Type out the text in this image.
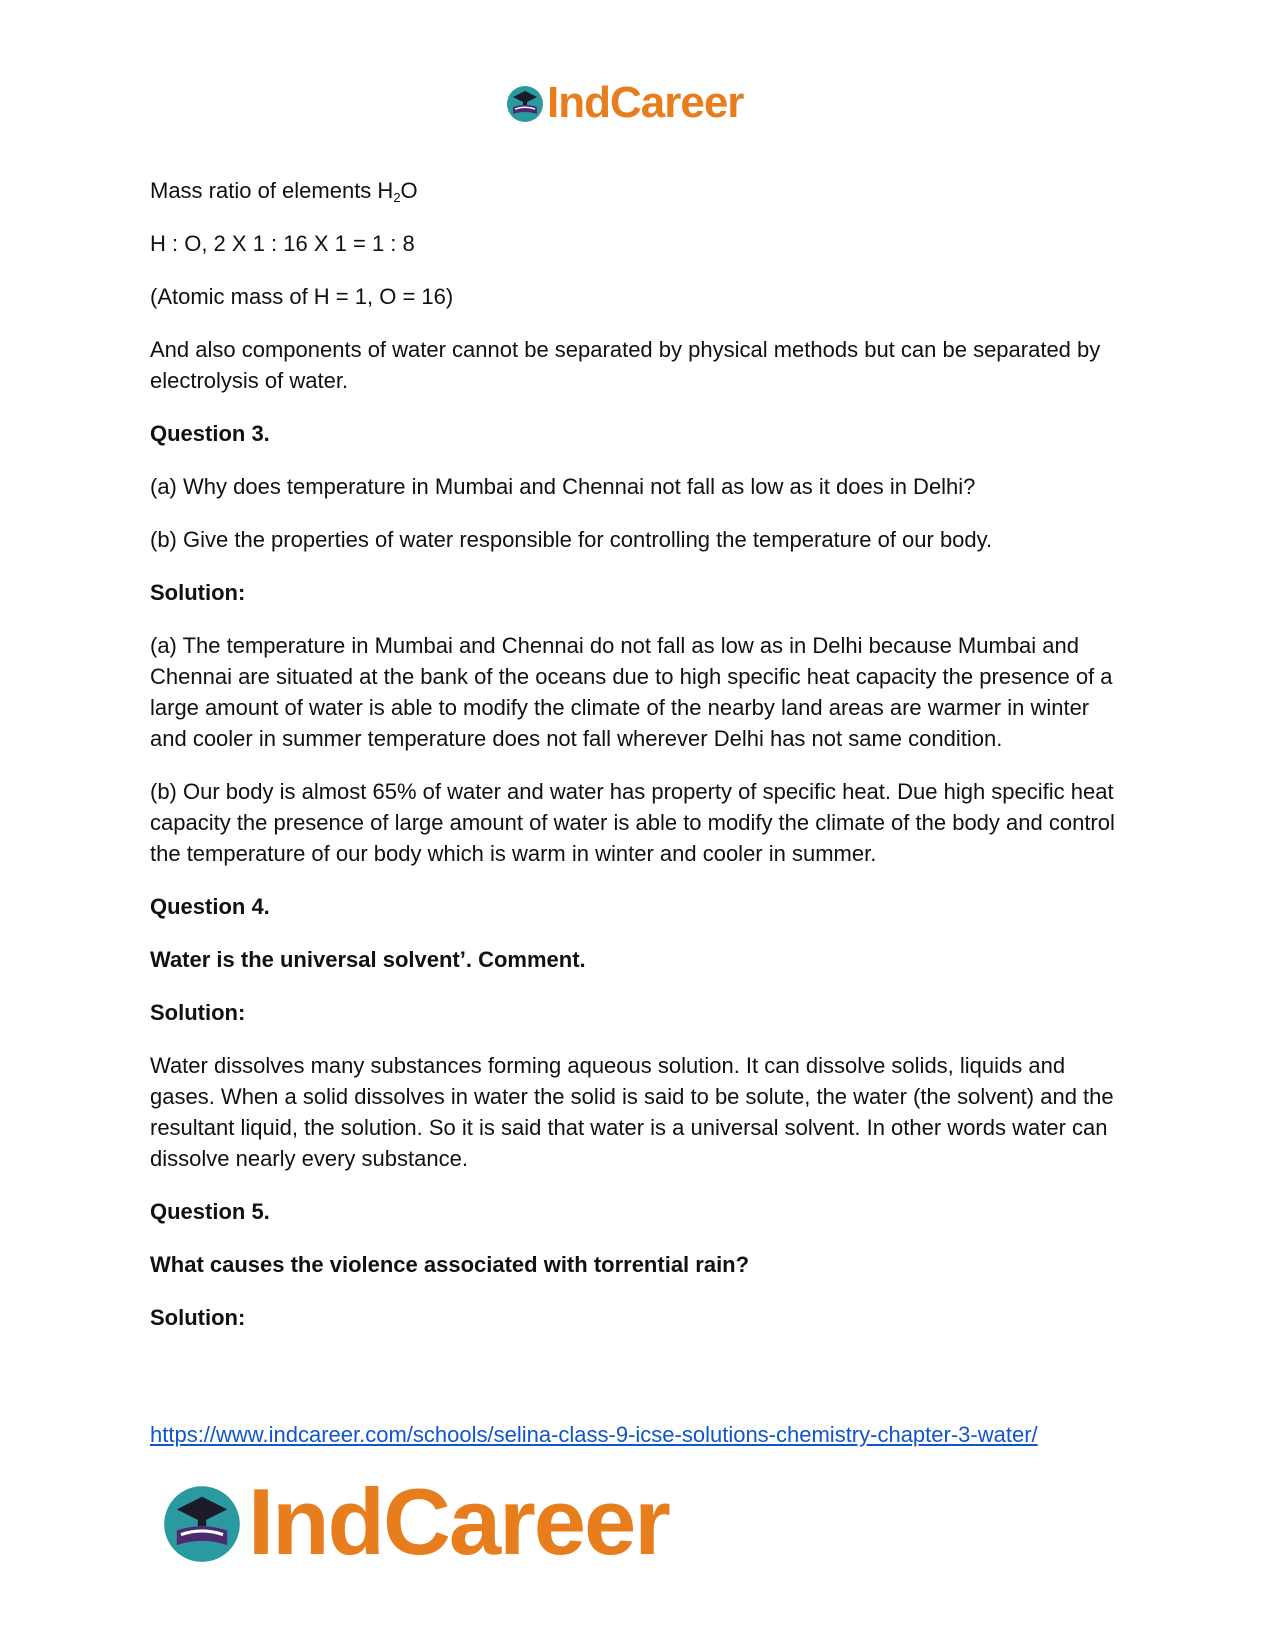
IndCareer

Mass ratio of elements $H_2O$

H : O, 2 X 1 : 16 X 1 = 1 : 8

(Atomic mass of H = 1, O = 16)

And also components of water cannot be separated by physical methods but can be separated by electrolysis of water.

Question 3.

(a) Why does temperature in Mumbai and Chennai not fall as low as it does in Delhi?

(b) Give the properties of water responsible for controlling the temperature of our body.

Solution:

(a) The temperature in Mumbai and Chennai do not fall as low as in Delhi because Mumbai and Chennai are situated at the bank of the oceans due to high specific heat capacity the presence of a large amount of water is able to modify the climate of the nearby land areas are warmer in winter and cooler in summer temperature does not fall wherever Delhi has not same condition.

(b) Our body is almost 65% of water and water has property of specific heat. Due high specific heat capacity the presence of large amount of water is able to modify the climate of the body and control the temperature of our body which is warm in winter and cooler in summer.

Question 4.

Water is the universal solvent’. Comment.

Solution:

Water dissolves many substances forming aqueous solution. It can dissolve solids, liquids and gases. When a solid dissolves in water the solid is said to be solute, the water (the solvent) and the resultant liquid, the solution. So it is said that water is a universal solvent. In other words water can dissolve nearly every substance.

Question 5.

What causes the violence associated with torrential rain?

Solution:

https://www.indcareer.com/schools/selina-class-9-icse-solutions-chemistry-chapter-3-water/
IndCareer
